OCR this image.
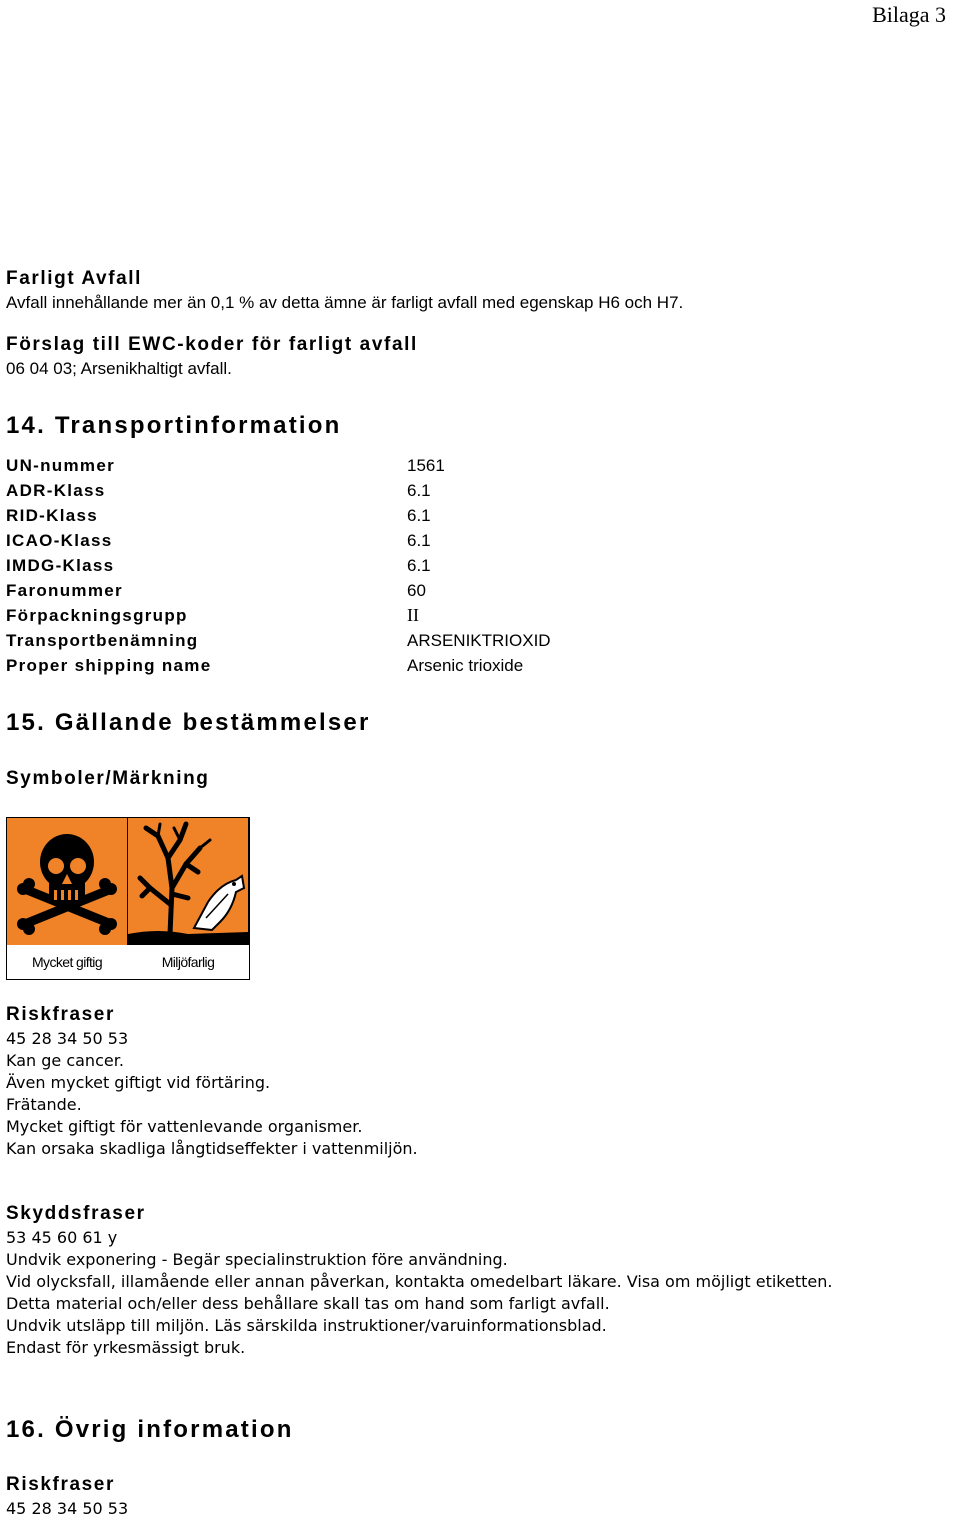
Bilaga 3
Farligt Avfall
Avfall innehållande mer än 0,1 % av detta ämne är farligt avfall med egenskap H6 och H7.
Förslag till EWC-koder för farligt avfall
06 04 03; Arsenikhaltigt avfall.
14. Transportinformation
UN-nummer	1561
ADR-Klass	6.1
RID-Klass	6.1
ICAO-Klass	6.1
IMDG-Klass	6.1
Faronummer	60
Förpackningsgrupp	II
Transportbenämning	ARSENIKTRIOXID
Proper shipping name	Arsenic trioxide
15. Gällande bestämmelser
Symboler/Märkning
Mycket giftig	Miljöfarlig
Riskfraser
45 28 34 50 53
Kan ge cancer.
Även mycket giftigt vid förtäring.
Frätande.
Mycket giftigt för vattenlevande organismer.
Kan orsaka skadliga långtidseffekter i vattenmiljön.
Skyddsfraser
53 45 60 61 y
Undvik exponering - Begär specialinstruktion före användning.
Vid olycksfall, illamående eller annan påverkan, kontakta omedelbart läkare. Visa om möjligt etiketten.
Detta material och/eller dess behållare skall tas om hand som farligt avfall.
Undvik utsläpp till miljön. Läs särskilda instruktioner/varuinformationsblad.
Endast för yrkesmässigt bruk.
16. Övrig information
Riskfraser
45 28 34 50 53
